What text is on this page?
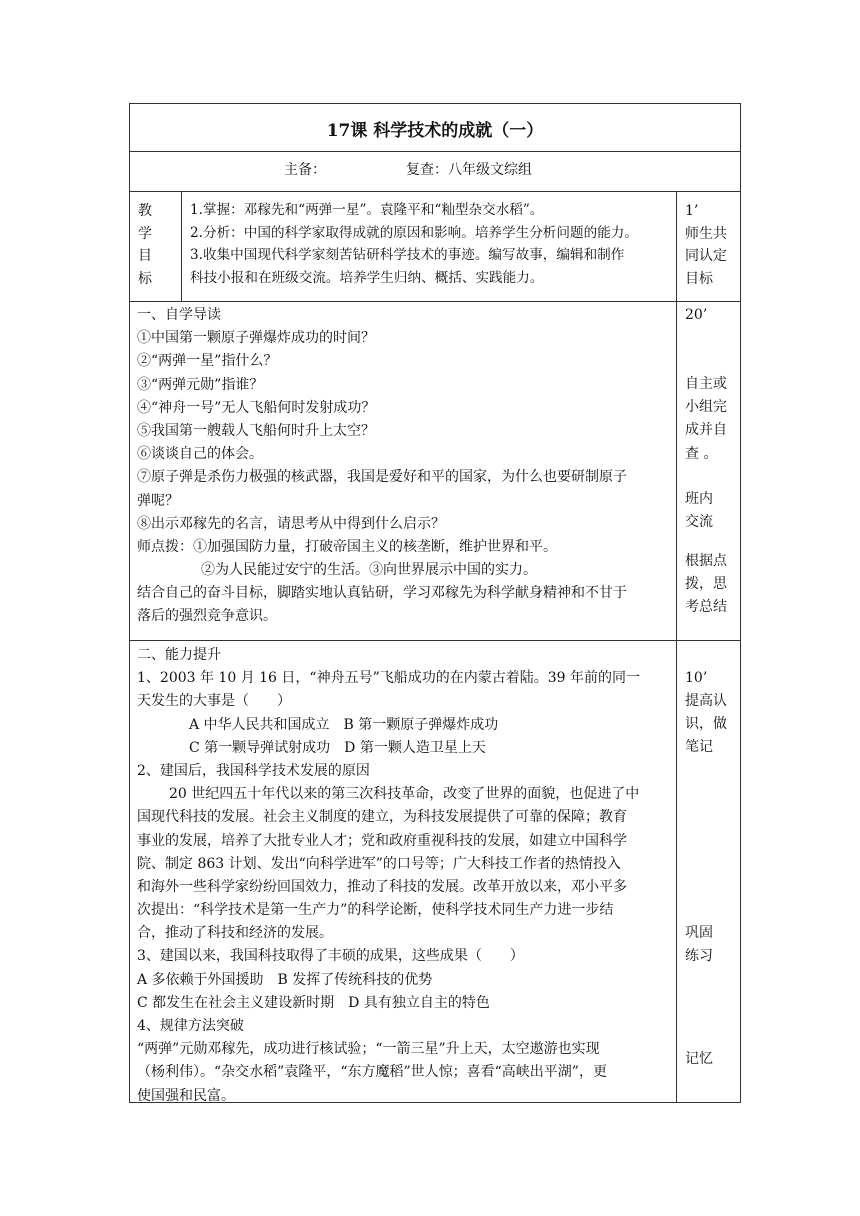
17课 科学技术的成就（一）
主备：	复查：八年级文综组
教
学
目
标
1.掌握：邓稼先和“两弹一星”。袁隆平和“籼型杂交水稻”。
2.分析：中国的科学家取得成就的原因和影响。培养学生分析问题的能力。
3.收集中国现代科学家刻苦钻研科学技术的事迹。编写故事，编辑和制作
科技小报和在班级交流。培养学生归纳、概括、实践能力。
1’
师生共
同认定
目标
一、自学导读
①中国第一颗原子弹爆炸成功的时间？
②“两弹一星”指什么？
③“两弹元勋”指谁？
④“神舟一号”无人飞船何时发射成功？
⑤我国第一艘载人飞船何时升上太空？
⑥谈谈自己的体会。
⑦原子弹是杀伤力极强的核武器，我国是爱好和平的国家，为什么也要研制原子
弹呢？
⑧出示邓稼先的名言，请思考从中得到什么启示？
师点拨：①加强国防力量，打破帝国主义的核垄断，维护世界和平。
②为人民能过安宁的生活。③向世界展示中国的实力。
结合自己的奋斗目标，脚踏实地认真钻研，学习邓稼先为科学献身精神和不甘于
落后的强烈竞争意识。
20’
自主或
小组完
成并自
查 。
班内
交流
根据点
拨，思
考总结
二、能力提升
1、2003 年 10 月 16 日，“神舟五号”飞船成功的在内蒙古着陆。39 年前的同一
天发生的大事是（　　）
A 中华人民共和国成立　B 第一颗原子弹爆炸成功
C 第一颗导弹试射成功　D 第一颗人造卫星上天
2、建国后，我国科学技术发展的原因
20 世纪四五十年代以来的第三次科技革命，改变了世界的面貌，也促进了中
国现代科技的发展。社会主义制度的建立，为科技发展提供了可靠的保障；教育
事业的发展，培养了大批专业人才；党和政府重视科技的发展，如建立中国科学
院、制定 863 计划、发出“向科学进军”的口号等；广大科技工作者的热情投入
和海外一些科学家纷纷回国效力，推动了科技的发展。改革开放以来，邓小平多
次提出：“科学技术是第一生产力”的科学论断，使科学技术同生产力进一步结
合，推动了科技和经济的发展。
3、建国以来，我国科技取得了丰硕的成果，这些成果（　　）
A 多依赖于外国援助　B 发挥了传统科技的优势
C 都发生在社会主义建设新时期　D 具有独立自主的特色
4、规律方法突破
“两弹”元勋邓稼先，成功进行核试验；“一箭三星”升上天，太空遨游也实现
（杨利伟）。“杂交水稻”袁隆平，“东方魔稻”世人惊；喜看“高峡出平湖”，更
使国强和民富。
10’
提高认
识，做
笔记
巩固
练习
记忆
